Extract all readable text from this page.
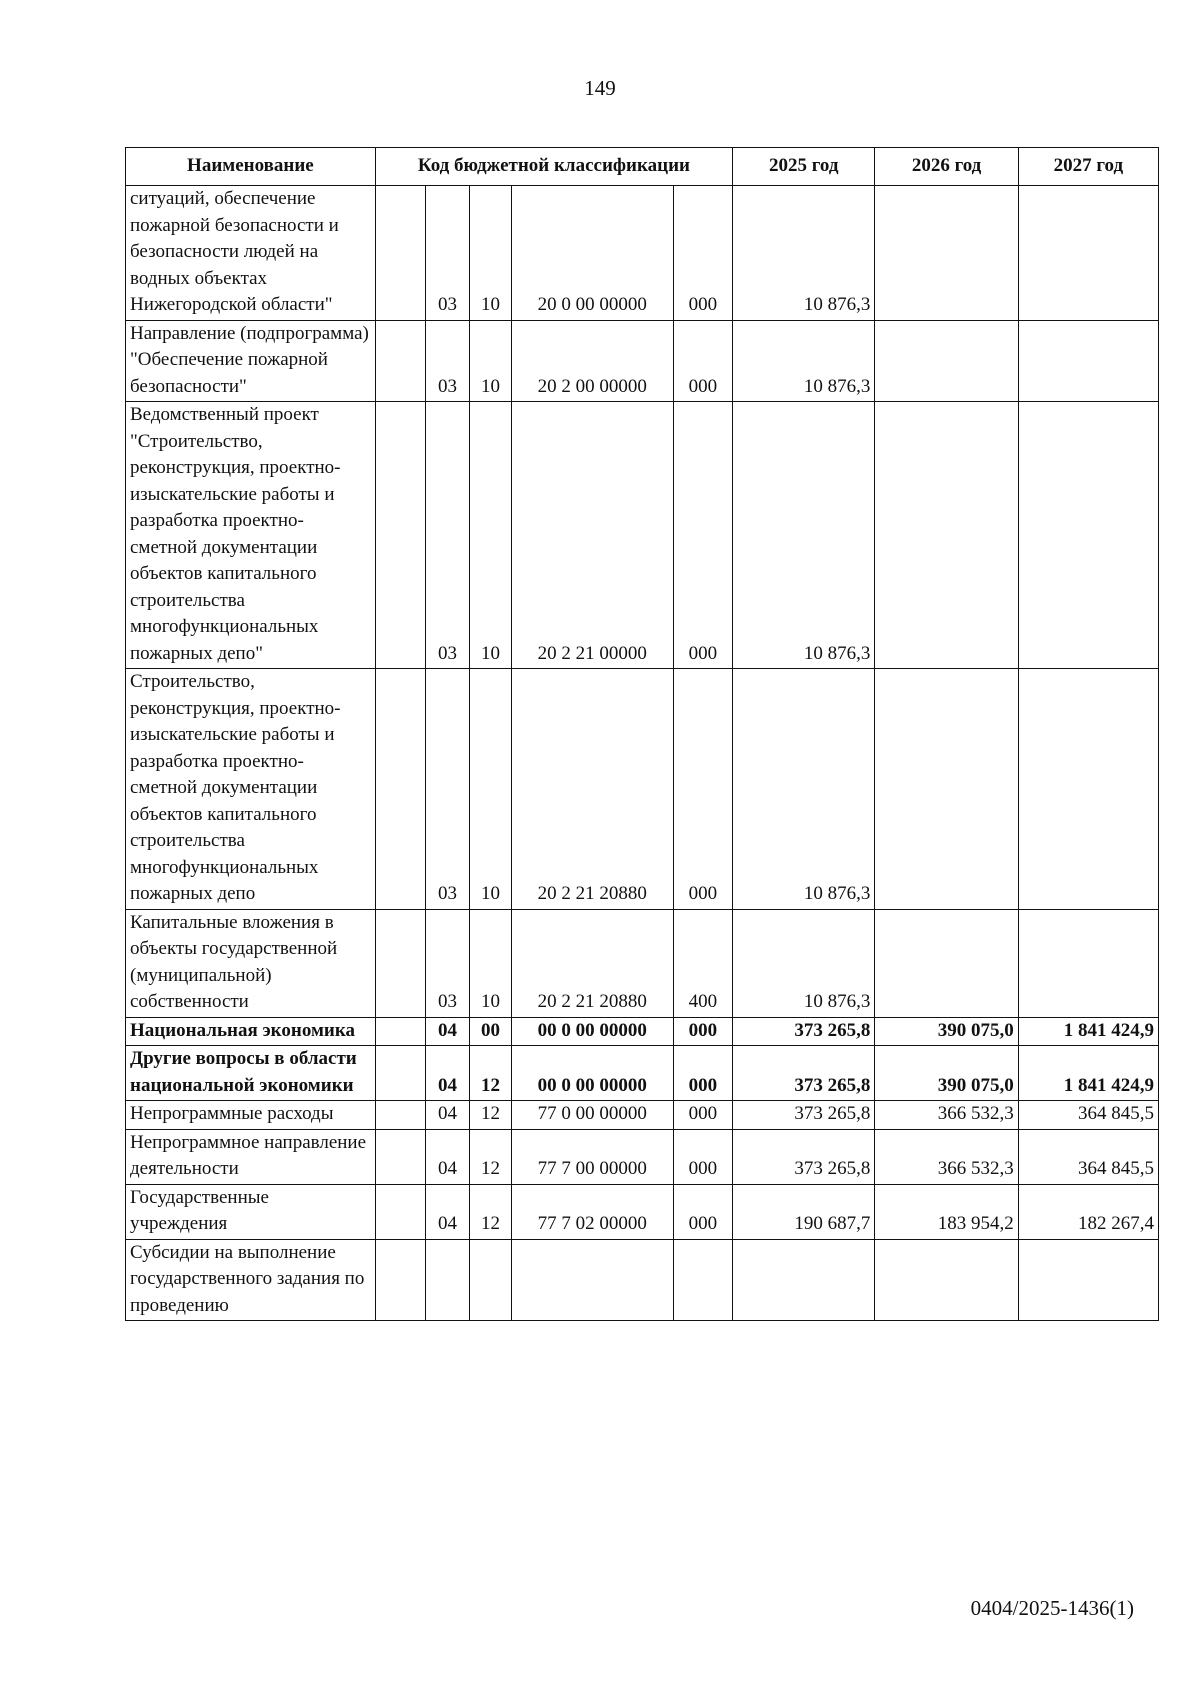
149
Наименование	Код бюджетной классификации					2025 год	2026 год	2027 год
ситуаций, обеспечение пожарной безопасности и безопасности людей на водных объектах Нижегородской области"		03	10	20 0 00 00000	000	10 876,3		
Направление (подпрограмма) "Обеспечение пожарной безопасности"		03	10	20 2 00 00000	000	10 876,3		
Ведомственный проект "Строительство, реконструкция, проектно-изыскательские работы и разработка проектно-сметной документации объектов капитального строительства многофункциональных пожарных депо"		03	10	20 2 21 00000	000	10 876,3		
Строительство, реконструкция, проектно-изыскательские работы и разработка проектно-сметной документации объектов капитального строительства многофункциональных пожарных депо		03	10	20 2 21 20880	000	10 876,3		
Капитальные вложения в объекты государственной (муниципальной) собственности		03	10	20 2 21 20880	400	10 876,3		
Национальная экономика		04	00	00 0 00 00000	000	373 265,8	390 075,0	1 841 424,9
Другие вопросы в области национальной экономики		04	12	00 0 00 00000	000	373 265,8	390 075,0	1 841 424,9
Непрограммные расходы		04	12	77 0 00 00000	000	373 265,8	366 532,3	364 845,5
Непрограммное направление деятельности		04	12	77 7 00 00000	000	373 265,8	366 532,3	364 845,5
Государственные учреждения		04	12	77 7 02 00000	000	190 687,7	183 954,2	182 267,4
Субсидии на выполнение государственного задания по проведению								
0404/2025-1436(1)
